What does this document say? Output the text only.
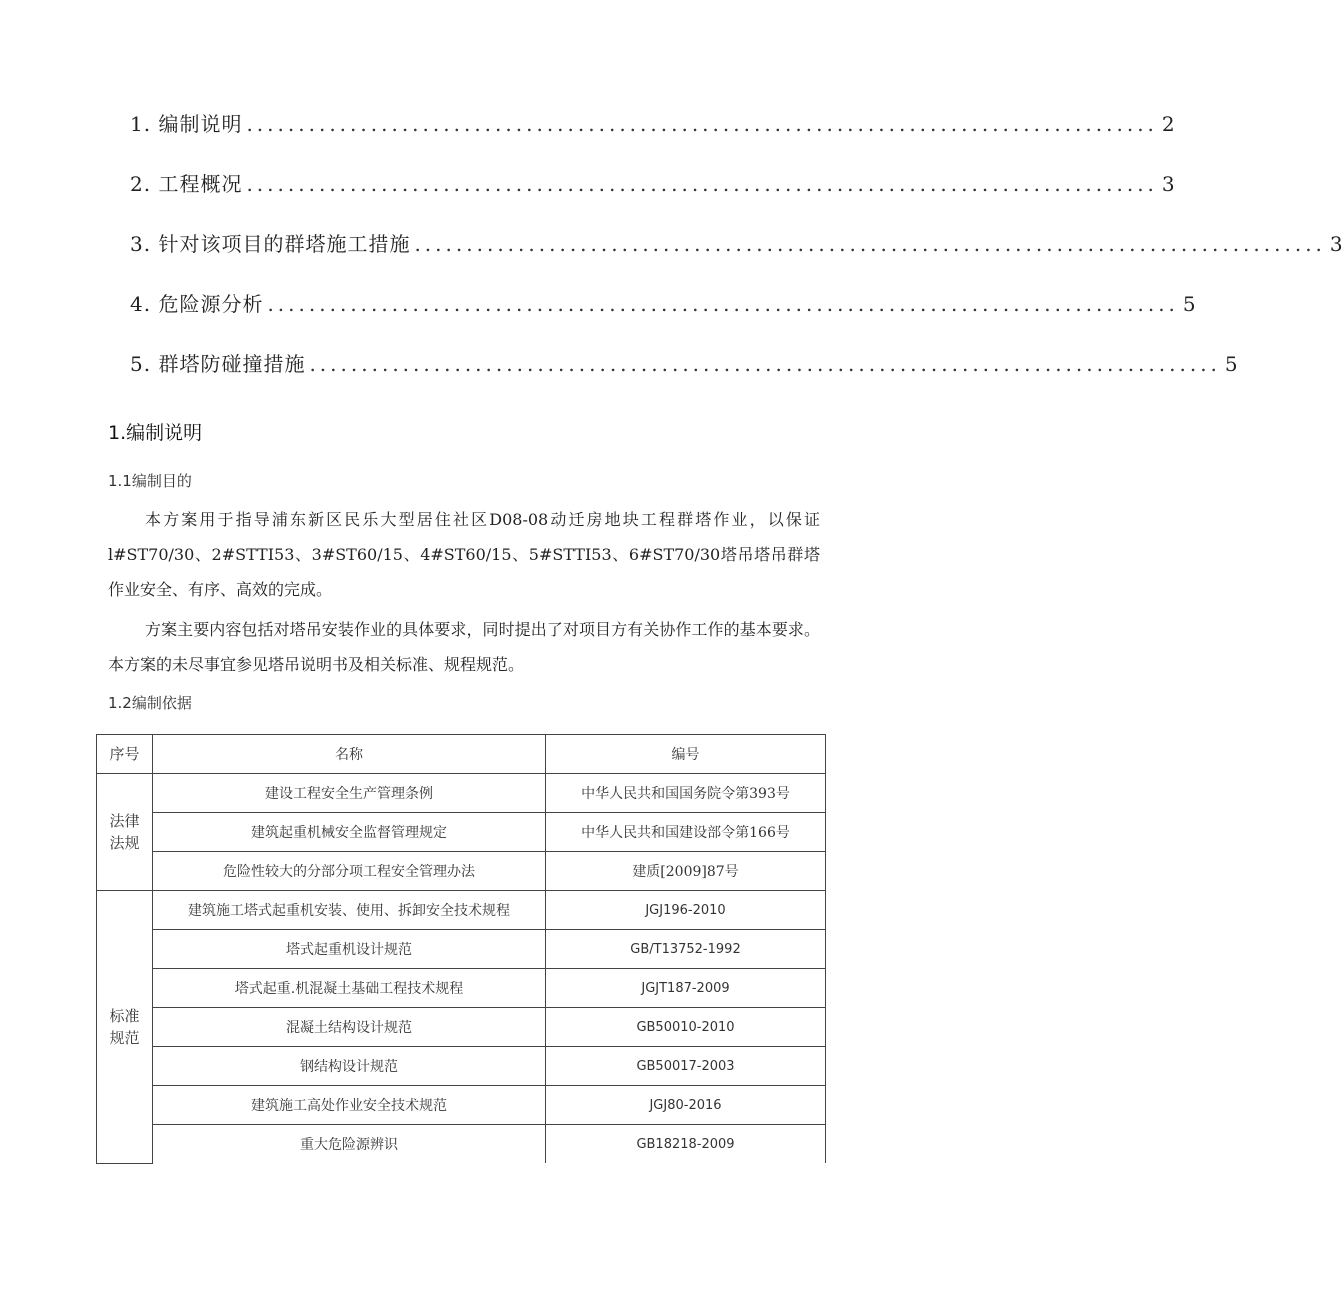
1. 编制说明 ........................................................................................ 2
2. 工程概况 ........................................................................................ 3
3. 针对该项目的群塔施工措施 ........................................................................................ 3
4. 危险源分析 ........................................................................................ 5
5. 群塔防碰撞措施 ........................................................................................ 5
1.编制说明
1.1编制目的
本方案用于指导浦东新区民乐大型居住社区D08-08动迁房地块工程群塔作业，以保证l#ST70/30、2#STTI53、3#ST60/15、4#ST60/15、5#STTI53、6#ST70/30塔吊塔吊群塔作业安全、有序、高效的完成。
方案主要内容包括对塔吊安装作业的具体要求，同时提出了对项目方有关协作工作的基本要求。本方案的未尽事宜参见塔吊说明书及相关标准、规程规范。
1.2编制依据
序号	名称	编号
法律
法规	建设工程安全生产管理条例	中华人民共和国国务院令第393号
	建筑起重机械安全监督管理规定	中华人民共和国建设部令第166号
	危险性较大的分部分项工程安全管理办法	建质[2009]87号
标准
规范	建筑施工塔式起重机安装、使用、拆卸安全技术规程	JGJ196-2010
	塔式起重机设计规范	GB/T13752-1992
	塔式起重.机混凝土基础工程技术规程	JGJT187-2009
	混凝土结构设计规范	GB50010-2010
	钢结构设计规范	GB50017-2003
	建筑施工高处作业安全技术规范	JGJ80-2016
	重大危险源辨识	GB18218-2009
